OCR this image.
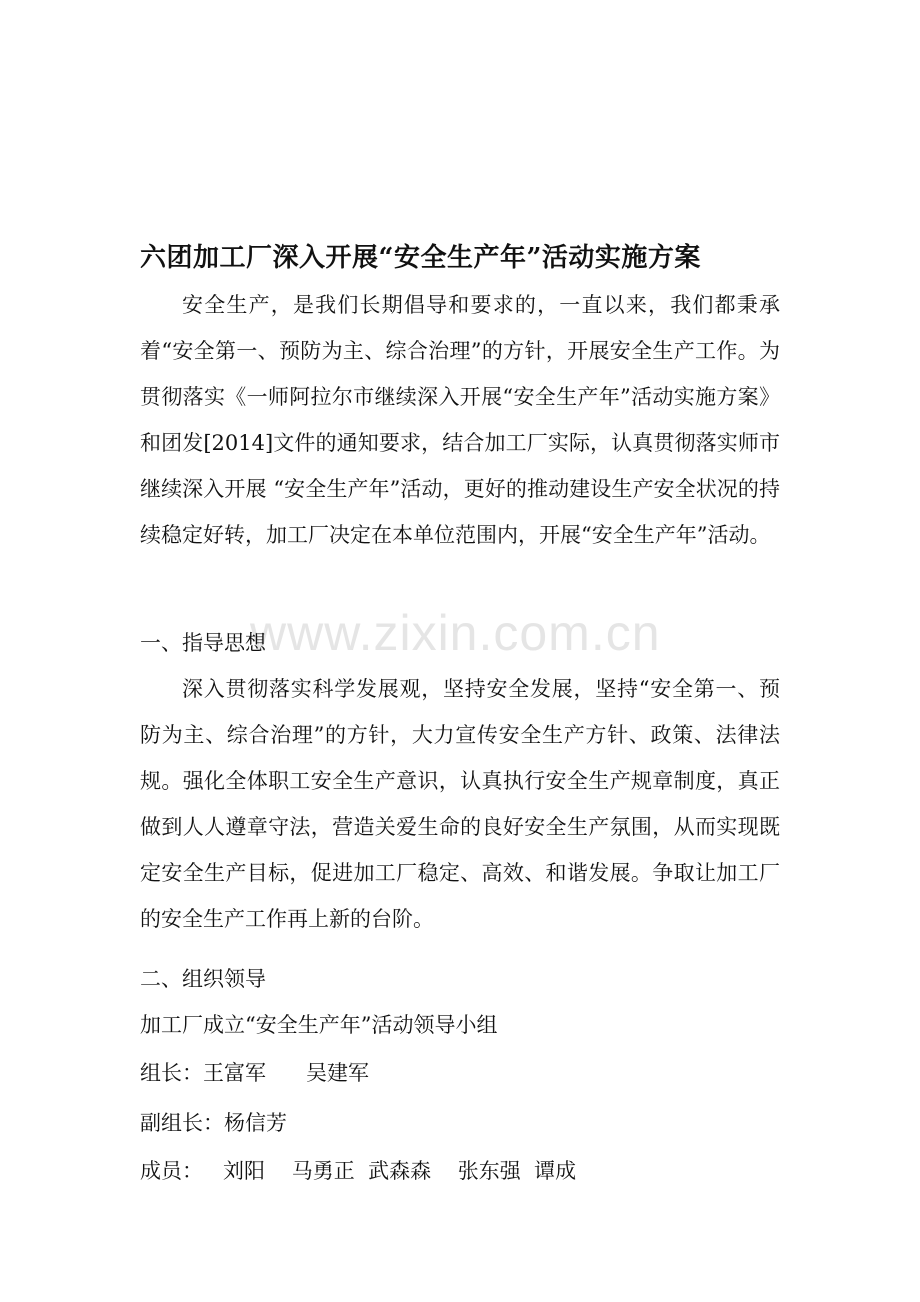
www.zixin.com.cn
六团加工厂深入开展“安全生产年”活动实施方案
安全生产，是我们长期倡导和要求的，一直以来，我们都秉承着“安全第一、预防为主、综合治理”的方针，开展安全生产工作。为贯彻落实《一师阿拉尔市继续深入开展“安全生产年”活动实施方案》和团发[2014]文件的通知要求，结合加工厂实际，认真贯彻落实师市继续深入开展 “安全生产年”活动，更好的推动建设生产安全状况的持续稳定好转，加工厂决定在本单位范围内，开展“安全生产年”活动。
一、指导思想
深入贯彻落实科学发展观，坚持安全发展，坚持“安全第一、预防为主、综合治理”的方针，大力宣传安全生产方针、政策、法律法规。强化全体职工安全生产意识，认真执行安全生产规章制度，真正做到人人遵章守法，营造关爱生命的良好安全生产氛围，从而实现既定安全生产目标，促进加工厂稳定、高效、和谐发展。争取让加工厂的安全生产工作再上新的台阶。
二、组织领导
加工厂成立“安全生产年”活动领导小组
组长：王富军      吴建军
副组长：杨信芳
成员：   刘阳    马勇正  武森森    张东强  谭成
